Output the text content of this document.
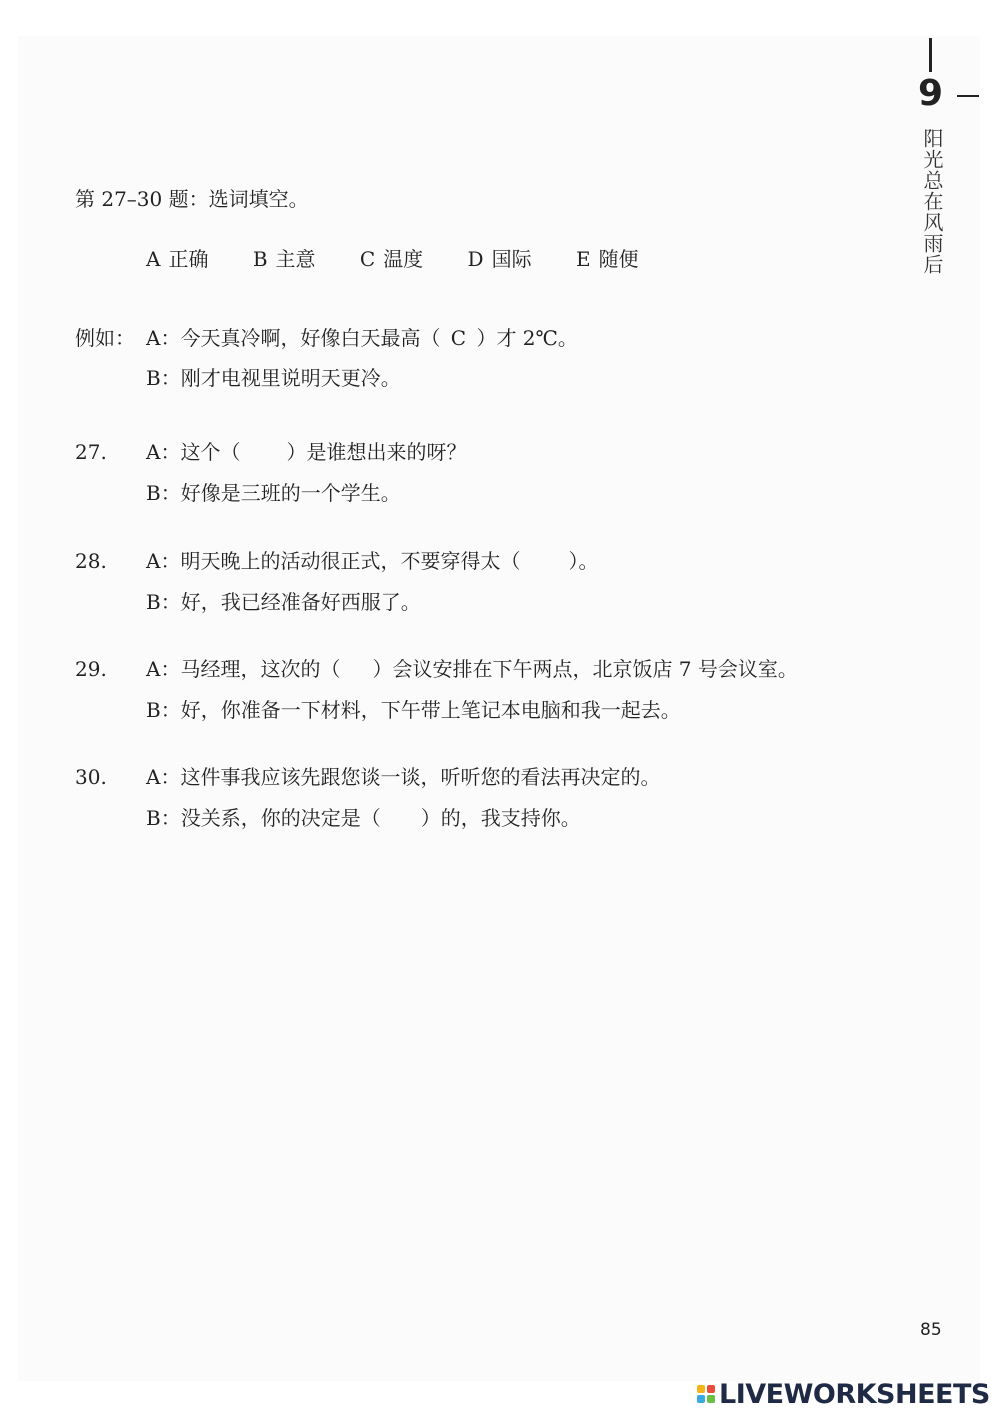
9
阳光总在风雨后
第 27–30 题：选词填空。
A 正确 B 主意 C 温度 D 国际 E 随便
例如： A：今天真冷啊，好像白天最高（ C ）才 2℃。
B：刚才电视里说明天更冷。
27. A：这个（ ）是谁想出来的呀？
B：好像是三班的一个学生。
28. A：明天晚上的活动很正式，不要穿得太（ ）。
B：好，我已经准备好西服了。
29. A：马经理，这次的（ ）会议安排在下午两点，北京饭店 7 号会议室。
B：好，你准备一下材料，下午带上笔记本电脑和我一起去。
30. A：这件事我应该先跟您谈一谈，听听您的看法再决定的。
B：没关系，你的决定是（ ）的，我支持你。
85
LIVEWORKSHEETS
